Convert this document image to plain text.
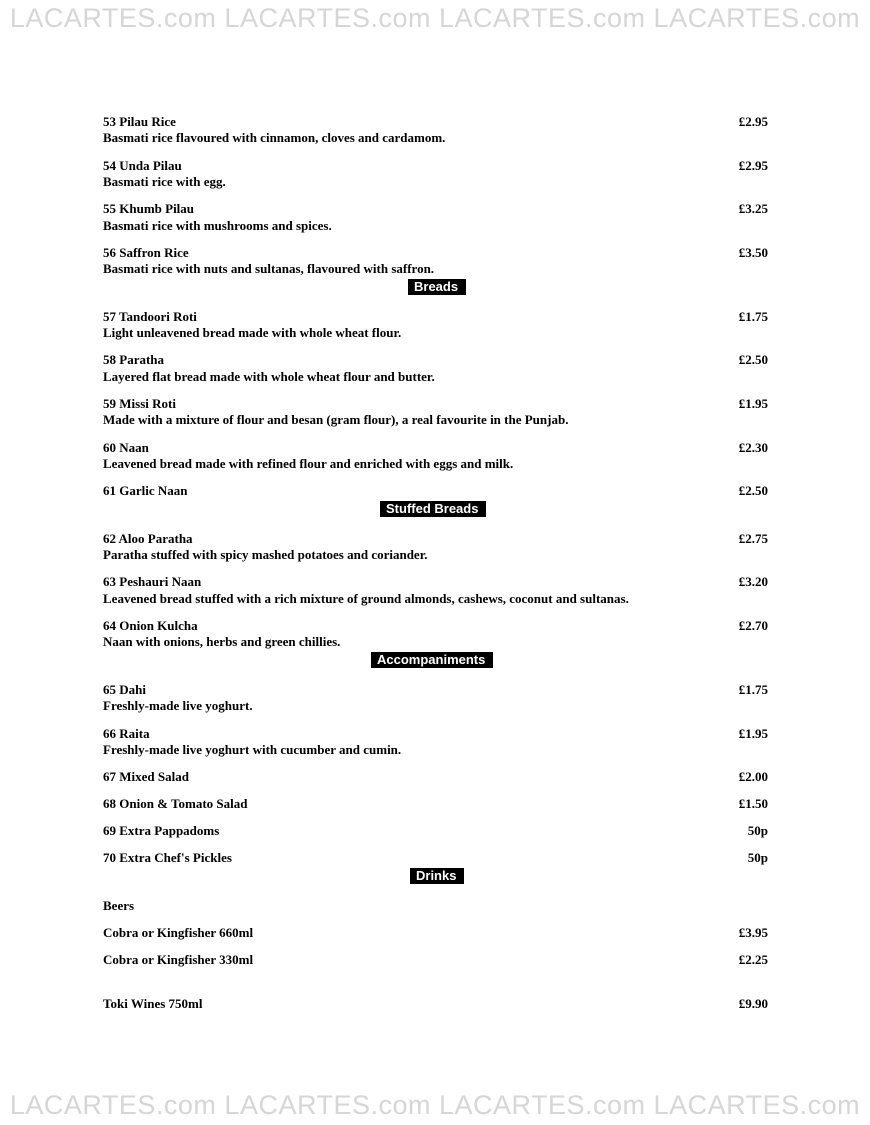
LACARTES.com LACARTES.com LACARTES.com LACARTES.com
53 Pilau Rice	£2.95
Basmati rice flavoured with cinnamon, cloves and cardamom.
54 Unda Pilau	£2.95
Basmati rice with egg.
55 Khumb Pilau	£3.25
Basmati rice with mushrooms and spices.
56 Saffron Rice	£3.50
Basmati rice with nuts and sultanas, flavoured with saffron.
Breads
57 Tandoori Roti	£1.75
Light unleavened bread made with whole wheat flour.
58 Paratha	£2.50
Layered flat bread made with whole wheat flour and butter.
59 Missi Roti	£1.95
Made with a mixture of flour and besan (gram flour), a real favourite in the Punjab.
60 Naan	£2.30
Leavened bread made with refined flour and enriched with eggs and milk.
61 Garlic Naan	£2.50
Stuffed Breads
62 Aloo Paratha	£2.75
Paratha stuffed with spicy mashed potatoes and coriander.
63 Peshauri Naan	£3.20
Leavened bread stuffed with a rich mixture of ground almonds, cashews, coconut and sultanas.
64 Onion Kulcha	£2.70
Naan with onions, herbs and green chillies.
Accompaniments
65 Dahi	£1.75
Freshly-made live yoghurt.
66 Raita	£1.95
Freshly-made live yoghurt with cucumber and cumin.
67 Mixed Salad	£2.00
68 Onion & Tomato Salad	£1.50
69 Extra Pappadoms	50p
70 Extra Chef's Pickles	50p
Drinks
Beers
Cobra or Kingfisher 660ml	£3.95
Cobra or Kingfisher 330ml	£2.25
Toki Wines 750ml	£9.90
LACARTES.com LACARTES.com LACARTES.com LACARTES.com
